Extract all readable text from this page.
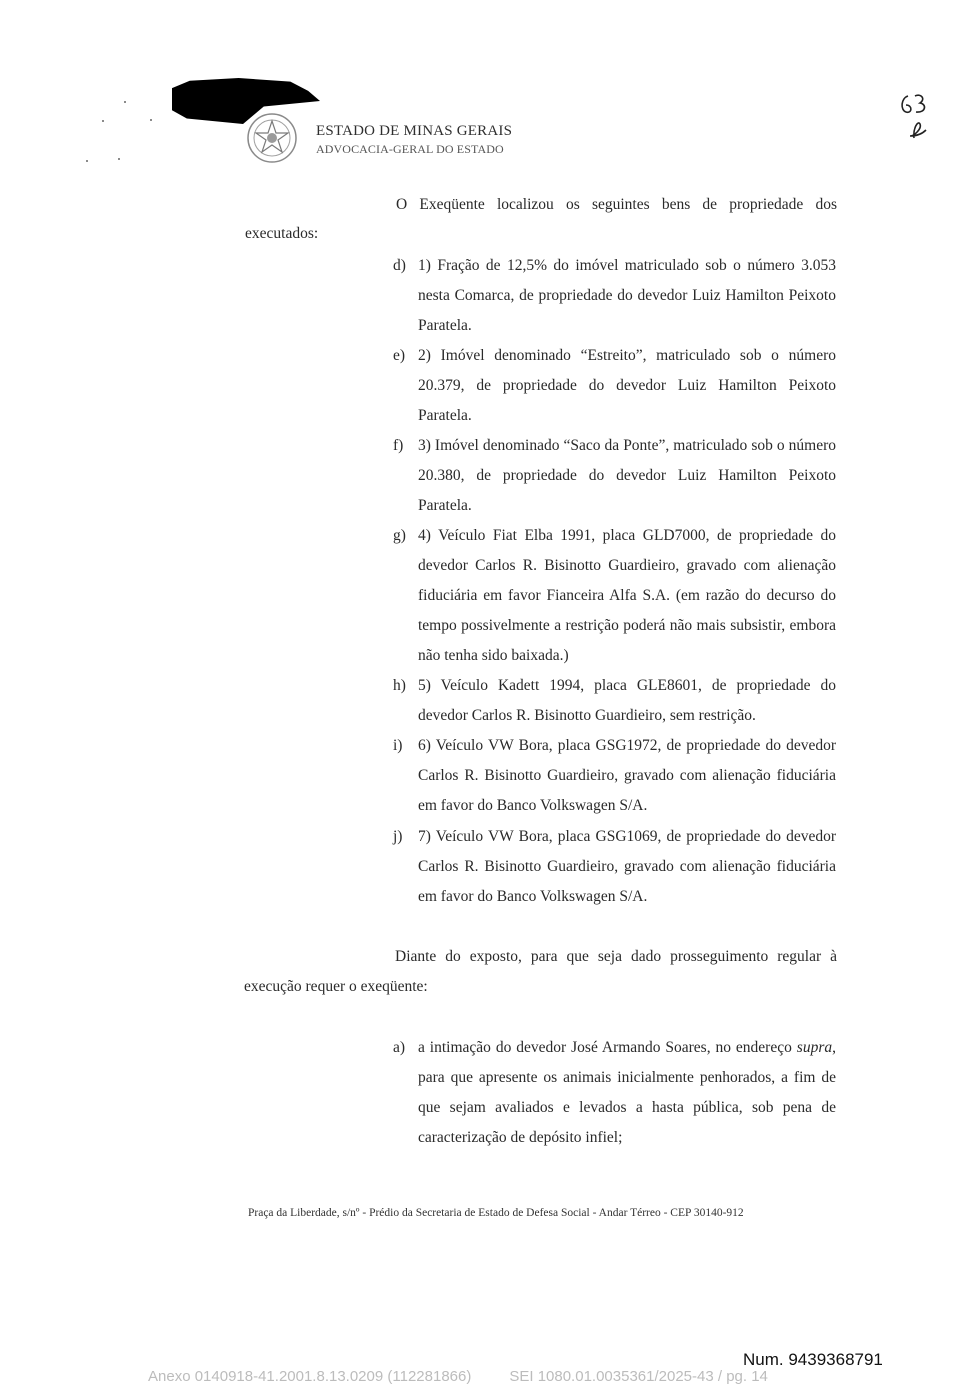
ESTADO DE MINAS GERAIS
ADVOCACIA-GERAL DO ESTADO
O Exeqüente localizou os seguintes bens de propriedade dos
executados:
d) 1) Fração de 12,5% do imóvel matriculado sob o número 3.053 nesta Comarca, de propriedade do devedor Luiz Hamilton Peixoto Paratela.
e) 2) Imóvel denominado “Estreito”, matriculado sob o número 20.379, de propriedade do devedor Luiz Hamilton Peixoto Paratela.
f) 3) Imóvel denominado “Saco da Ponte”, matriculado sob o número 20.380, de propriedade do devedor Luiz Hamilton Peixoto Paratela.
g) 4) Veículo Fiat Elba 1991, placa GLD7000, de propriedade do devedor Carlos R. Bisinotto Guardieiro, gravado com alienação fiduciária em favor Fianceira Alfa S.A. (em razão do decurso do tempo possivelmente a restrição poderá não mais subsistir, embora não tenha sido baixada.)
h) 5) Veículo Kadett 1994, placa GLE8601, de propriedade do devedor Carlos R. Bisinotto Guardieiro, sem restrição.
i) 6) Veículo VW Bora, placa GSG1972, de propriedade do devedor Carlos R. Bisinotto Guardieiro, gravado com alienação fiduciária em favor do Banco Volkswagen S/A.
j) 7) Veículo VW Bora, placa GSG1069, de propriedade do devedor Carlos R. Bisinotto Guardieiro, gravado com alienação fiduciária em favor do Banco Volkswagen S/A.
Diante do exposto, para que seja dado prosseguimento regular à
execução requer o exeqüente:
a) a intimação do devedor José Armando Soares, no endereço supra, para que apresente os animais inicialmente penhorados, a fim de que sejam avaliados e levados a hasta pública, sob pena de caracterização de depósito infiel;
Praça da Liberdade, s/nº - Prédio da Secretaria de Estado de Defesa Social - Andar Térreo - CEP 30140-912
Num. 9439368791
Anexo 0140918-41.2001.8.13.0209 (112281866)	SEI 1080.01.0035361/2025-43 / pg. 14
